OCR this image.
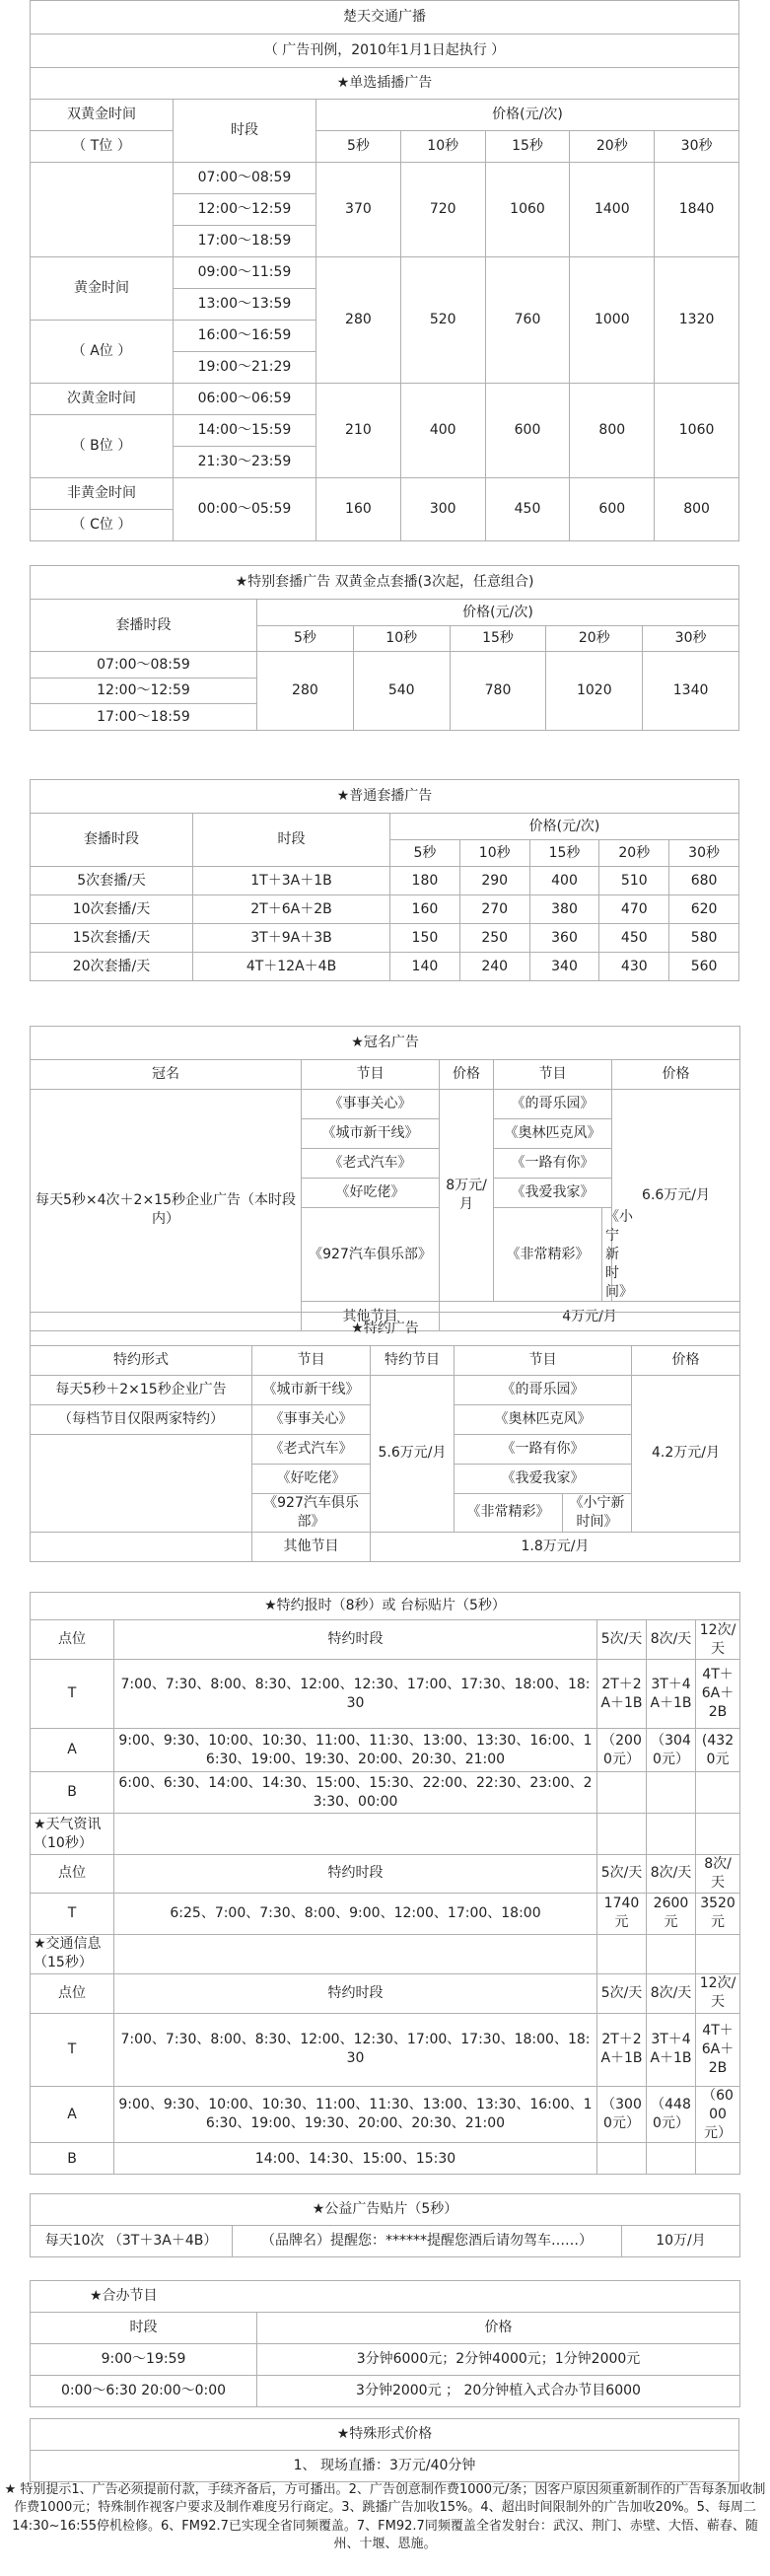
楚天交通广播
（ 广告刊例，2010年1月1日起执行 ）
★单选插播广告						
双黄金时间	时段	价格(元/次)				
（ T位 ）		5秒	10秒	15秒	20秒	30秒
	07:00～08:59	370	720	1060	1400	1840
	12:00～12:59					
	17:00～18:59					
黄金时间	09:00～11:59	280	520	760	1000	1320
	13:00～13:59					
（ A位 ）	16:00～16:59					
	19:00～21:29					
次黄金时间	06:00～06:59	210	400	600	800	1060
（ B位 ）	14:00～15:59					
	21:30～23:59					
非黄金时间	00:00～05:59	160	300	450	600	800
（ C位 ）						
★特别套播广告 双黄金点套播(3次起，任意组合)					
套播时段	价格(元/次)				
	5秒	10秒	15秒	20秒	30秒
07:00～08:59	280	540	780	1020	1340
12:00～12:59					
17:00～18:59					
★普通套播广告						
套播时段	时段	价格(元/次)				
		5秒	10秒	15秒	20秒	30秒
5次套播/天	1T＋3A＋1B	180	290	400	510	680
10次套播/天	2T＋6A＋2B	160	270	380	470	620
15次套播/天	3T＋9A＋3B	150	250	360	450	580
20次套播/天	4T＋12A＋4B	140	240	340	430	560
★冠名广告					
冠名	节目	价格	节目		价格
每天5秒×4次＋2×15秒企业广告（本时段内）	《事事关心》	8万元/月	《的哥乐园》		6.6万元/月
	《城市新干线》		《奥林匹克风》		
	《老式汽车》		《一路有你》		
	《好吃佬》		《我爱我家》		
	《927汽车俱乐部》		《非常精彩》	《小宁新时间》	
	其他节目	4万元/月			
★特约广告					
特约形式	节目	特约节目	节目		价格
每天5秒＋2×15秒企业广告	《城市新干线》	5.6万元/月	《的哥乐园》		4.2万元/月
（每档节目仅限两家特约）	《事事关心》		《奥林匹克风》		
	《老式汽车》		《一路有你》		
	《好吃佬》		《我爱我家》		
	《927汽车俱乐部》		《非常精彩》	《小宁新时间》	
	其他节目	1.8万元/月			
★特约报时（8秒）或 台标贴片（5秒）				
点位	特约时段	5次/天	8次/天	12次/天
T	7:00、7:30、8:00、8:30、12:00、12:30、17:00、17:30、18:00、18:30	2T＋2A＋1B	3T＋4A＋1B	4T＋6A＋2B
A	9:00、9:30、10:00、10:30、11:00、11:30、13:00、13:30、16:00、16:30、19:00、19:30、20:00、20:30、21:00	（2000元）	（3040元）	(4320元
B	6:00、6:30、14:00、14:30、15:00、15:30、22:00、22:30、23:00、23:30、00:00			
★天气资讯（10秒）				
点位	特约时段	5次/天	8次/天	8次/天
T	6:25、7:00、7:30、8:00、9:00、12:00、17:00、18:00	1740元	2600元	3520元
★交通信息（15秒）				
点位	特约时段	5次/天	8次/天	12次/天
T	7:00、7:30、8:00、8:30、12:00、12:30、17:00、17:30、18:00、18:30	2T＋2A＋1B	3T＋4A＋1B	4T＋6A＋2B
A	9:00、9:30、10:00、10:30、11:00、11:30、13:00、13:30、16:00、16:30、19:00、19:30、20:00、20:30、21:00	（3000元）	（4480元）	（6000元）
B	14:00、14:30、15:00、15:30			
★公益广告贴片（5秒）
每天10次 （3T＋3A＋4B）	（品牌名）提醒您：******提醒您酒后请勿驾车……）	10万/月
★合办节目	
时段	价格
9:00～19:59	3分钟6000元；2分钟4000元；1分钟2000元
0:00～6:30 20:00～0:00	3分钟2000元 ； 20分钟植入式合办节目6000
★特殊形式价格
1、 现场直播：3万元/40分钟
★ 特别提示1、广告必须提前付款，手续齐备后，方可播出。2、广告创意制作费1000元/条；因客户原因须重新制作的广告每条加收制作费1000元；特殊制作视客户要求及制作难度另行商定。3、跳播广告加收15%。4、超出时间限制外的广告加收20%。5、每周二14:30~16:55停机检修。6、FM92.7已实现全省同频覆盖。7、FM92.7同频覆盖全省发射台：武汉、荆门、赤壁、大悟、蕲春、随州、十堰、恩施。
